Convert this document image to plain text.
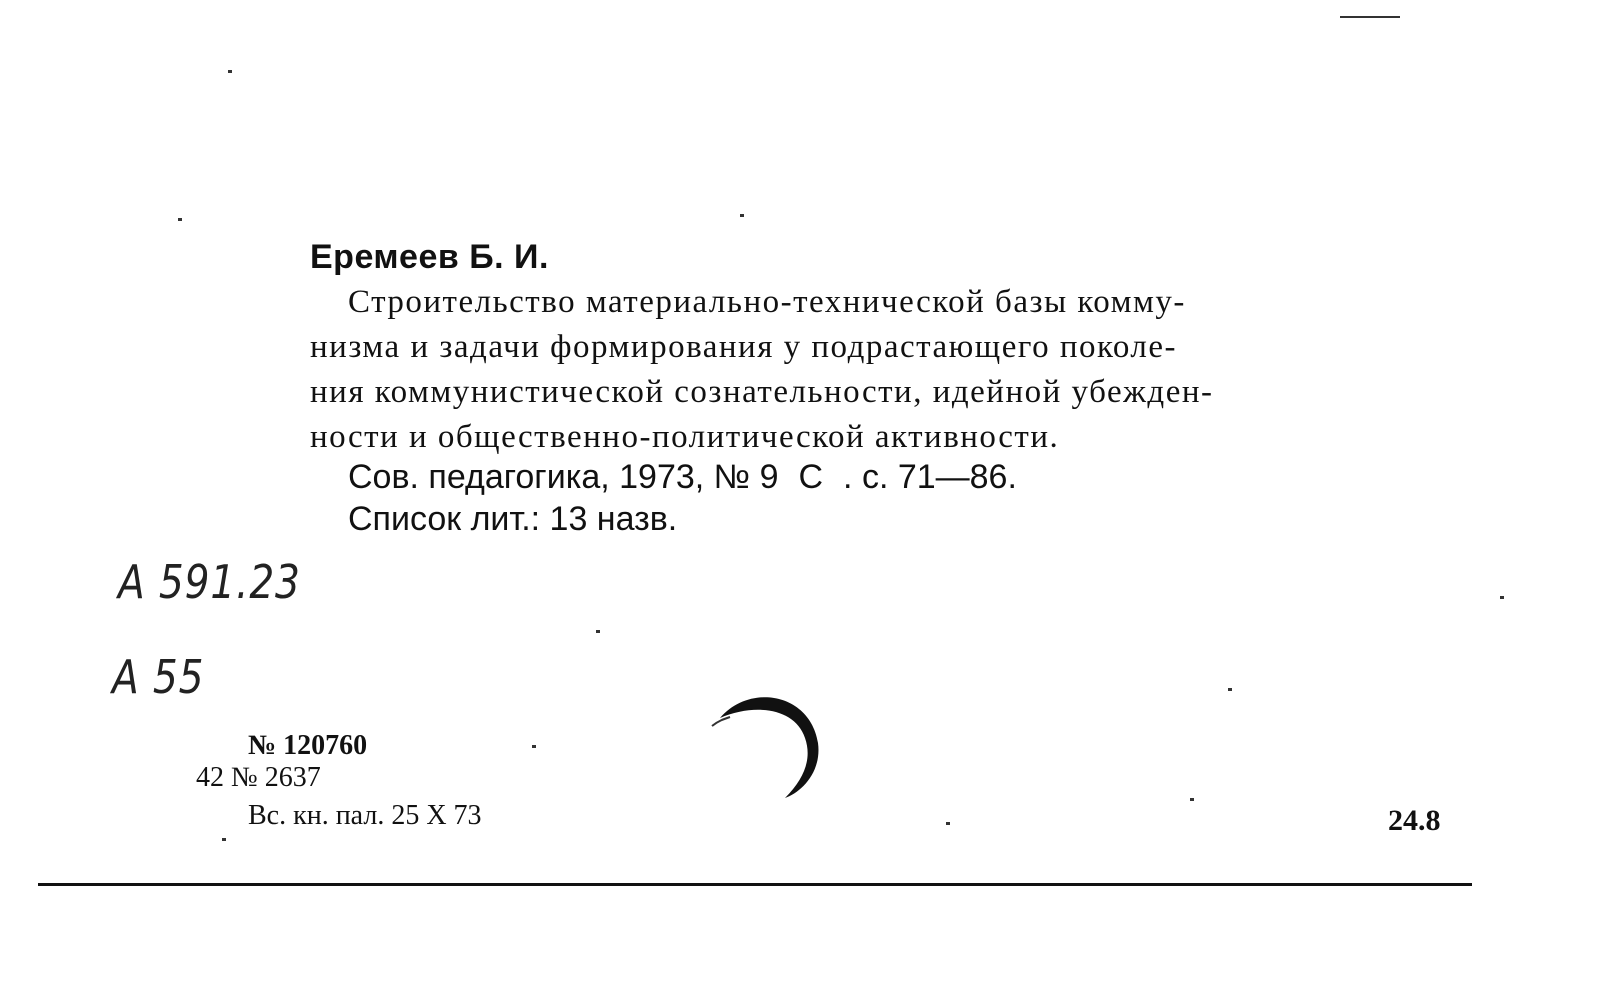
Еремеев Б. И.
Строительство материально-технической базы комму-
низма и задачи формирования у подрастающего поколе-
ния коммунистической сознательности, идейной убежден-
ности и общественно-политической активности.
Сов. педагогика, 1973, № 9 С . с. 71—86.
Список лит.: 13 назв.
А 591.23
А 55
№ 120760
42 № 2637
Вс. кн. пал. 25 X 73	24.8
